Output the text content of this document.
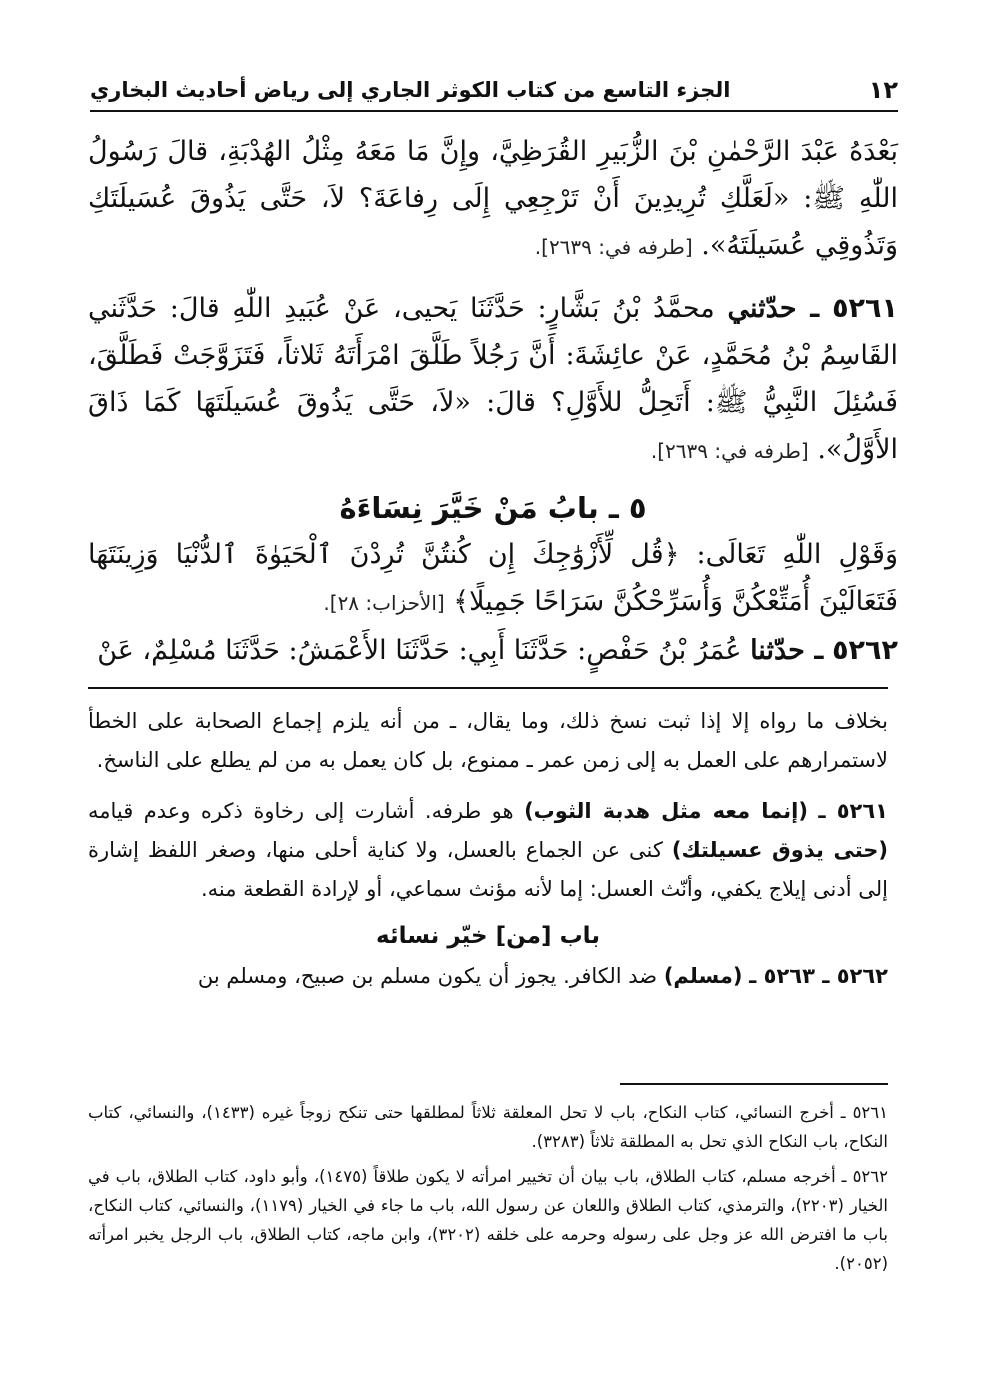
١٢
الجزء التاسع من كتاب الكوثر الجاري إلى رياض أحاديث البخاري

بَعْدَهُ عَبْدَ الرَّحْمٰنِ بْنَ الزُّبَيرِ القُرَظِيَّ، وإِنَّ مَا مَعَهُ مِثْلُ الهُدْبَةِ، قالَ رَسُولُ اللّٰهِ ﷺ: «لَعَلَّكِ تُرِيدِينَ أَنْ تَرْجِعِي إِلَى رِفاعَةَ؟ لاَ، حَتَّى يَذُوقَ عُسَيلَتَكِ وَتَذُوقِي عُسَيلَتَهُ». [طرفه في: ٢٦٣٩].

٥٢٦١ ـ حدّثني محمَّدُ بْنُ بَشَّارٍ: حَدَّثَنَا يَحيى، عَنْ عُبَيدِ اللّٰهِ قالَ: حَدَّثَني القَاسِمُ بْنُ مُحَمَّدٍ، عَنْ عائِشَةَ: أَنَّ رَجُلاً طَلَّقَ امْرَأَتَهُ ثَلاثاً، فَتَزَوَّجَتْ فَطَلَّقَ، فَسُئِلَ النَّبِيُّ ﷺ: أَتَحِلُّ للأَوَّلِ؟ قالَ: «لاَ، حَتَّى يَذُوقَ عُسَيلَتَهَا كَمَا ذَاقَ الأَوَّلُ». [طرفه في: ٢٦٣٩].

٥ ـ بابُ مَنْ خَيَّرَ نِسَاءَهُ

وَقَوْلِ اللّٰهِ تَعَالَى: ﴿قُل لِّأَزْوَٰجِكَ إِن كُنتُنَّ تُرِدْنَ ٱلْحَيَوٰةَ ٱلدُّنْيَا وَزِينَتَهَا فَتَعَالَيْنَ أُمَتِّعْكُنَّ وَأُسَرِّحْكُنَّ سَرَاحًا جَمِيلًا﴾ [الأحزاب: ٢٨].

٥٢٦٢ ـ حدّثنا عُمَرُ بْنُ حَفْصٍ: حَدَّثَنَا أَبِي: حَدَّثَنَا الأَعْمَشُ: حَدَّثَنَا مُسْلِمٌ، عَنْ

بخلاف ما رواه إلا إذا ثبت نسخ ذلك، وما يقال، ـ من أنه يلزم إجماع الصحابة على الخطأ لاستمرارهم على العمل به إلى زمن عمر ـ ممنوع، بل كان يعمل به من لم يطلع على الناسخ.

٥٢٦١ ـ (إنما معه مثل هدبة الثوب) هو طرفه. أشارت إلى رخاوة ذكره وعدم قيامه (حتى يذوق عسيلتك) كنى عن الجماع بالعسل، ولا كناية أحلى منها، وصغر اللفظ إشارة إلى أدنى إيلاج يكفي، وأنّث العسل: إما لأنه مؤنث سماعي، أو لإرادة القطعة منه.

باب [من] خيّر نسائه

٥٢٦٢ ـ ٥٢٦٣ ـ (مسلم) ضد الكافر. يجوز أن يكون مسلم بن صبيح، ومسلم بن

٥٢٦١ ـ أخرج النسائي، كتاب النكاح، باب لا تحل المعلقة ثلاثاً لمطلقها حتى تنكح زوجاً غيره (١٤٣٣)، والنسائي، كتاب النكاح، باب النكاح الذي تحل به المطلقة ثلاثاً (٣٢٨٣).

٥٢٦٢ ـ أخرجه مسلم، كتاب الطلاق، باب بيان أن تخيير امرأته لا يكون طلاقاً (١٤٧٥)، وأبو داود، كتاب الطلاق، باب في الخيار (٢٢٠٣)، والترمذي، كتاب الطلاق واللعان عن رسول الله، باب ما جاء في الخيار (١١٧٩)، والنسائي، كتاب النكاح، باب ما افترض الله عز وجل على رسوله وحرمه على خلقه (٣٢٠٢)، وابن ماجه، كتاب الطلاق، باب الرجل يخبر امرأته (٢٠٥٢).
